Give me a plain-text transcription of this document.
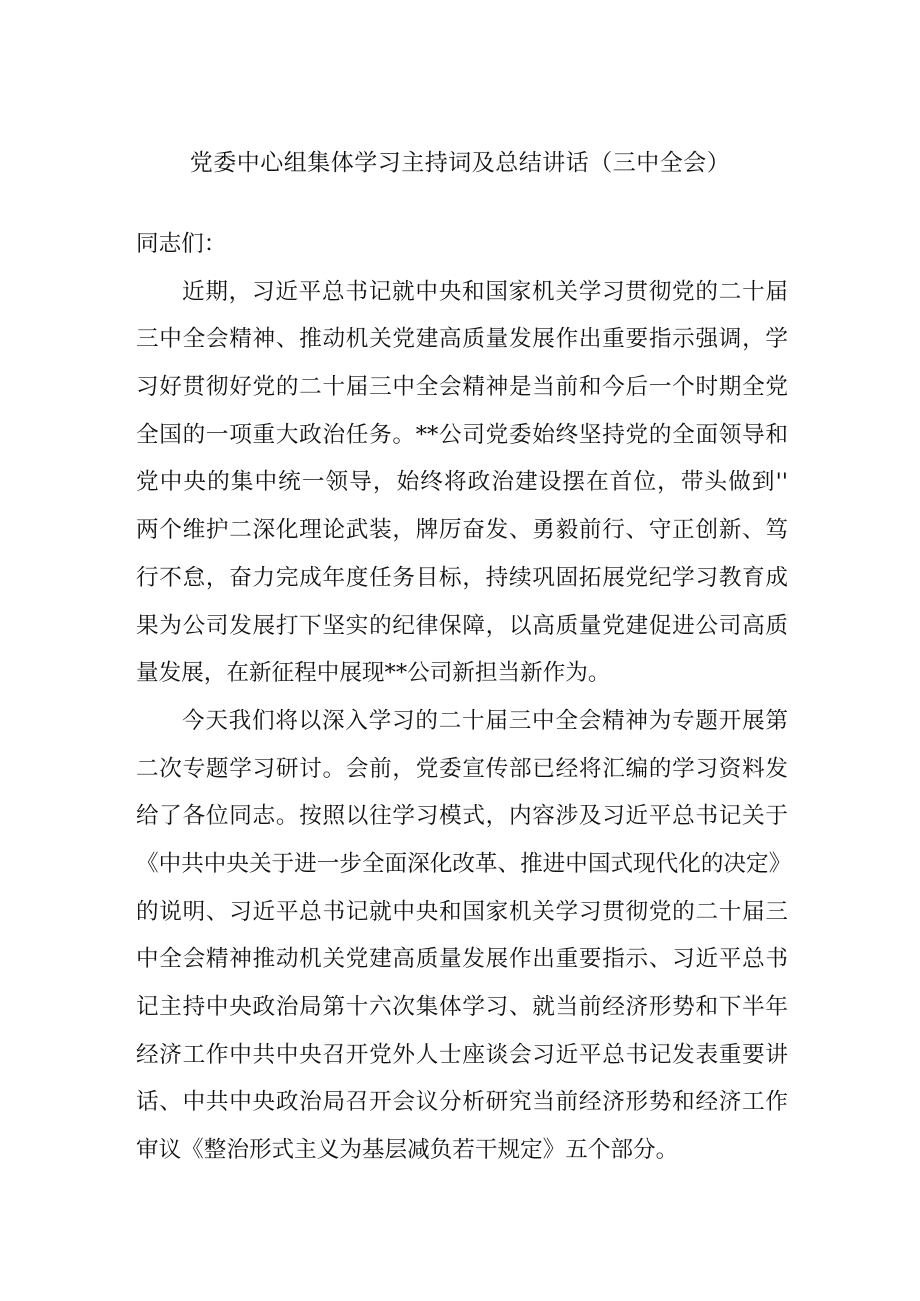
党委中心组集体学习主持词及总结讲话（三中全会）
同志们：
近期，习近平总书记就中央和国家机关学习贯彻党的二十届
三中全会精神、推动机关党建高质量发展作出重要指示强调，学
习好贯彻好党的二十届三中全会精神是当前和今后一个时期全党
全国的一项重大政治任务。**公司党委始终坚持党的全面领导和
党中央的集中统一领导，始终将政治建设摆在首位，带头做到''
两个维护二深化理论武装，牌厉奋发、勇毅前行、守正创新、笃
行不怠，奋力完成年度任务目标，持续巩固拓展党纪学习教育成
果为公司发展打下坚实的纪律保障，以高质量党建促进公司高质
量发展，在新征程中展现**公司新担当新作为。
今天我们将以深入学习的二十届三中全会精神为专题开展第
二次专题学习研讨。会前，党委宣传部已经将汇编的学习资料发
给了各位同志。按照以往学习模式，内容涉及习近平总书记关于
《中共中央关于进一步全面深化改革、推进中国式现代化的决定》
的说明、习近平总书记就中央和国家机关学习贯彻党的二十届三
中全会精神推动机关党建高质量发展作出重要指示、习近平总书
记主持中央政治局第十六次集体学习、就当前经济形势和下半年
经济工作中共中央召开党外人士座谈会习近平总书记发表重要讲
话、中共中央政治局召开会议分析研究当前经济形势和经济工作
审议《整治形式主义为基层减负若干规定》五个部分。
